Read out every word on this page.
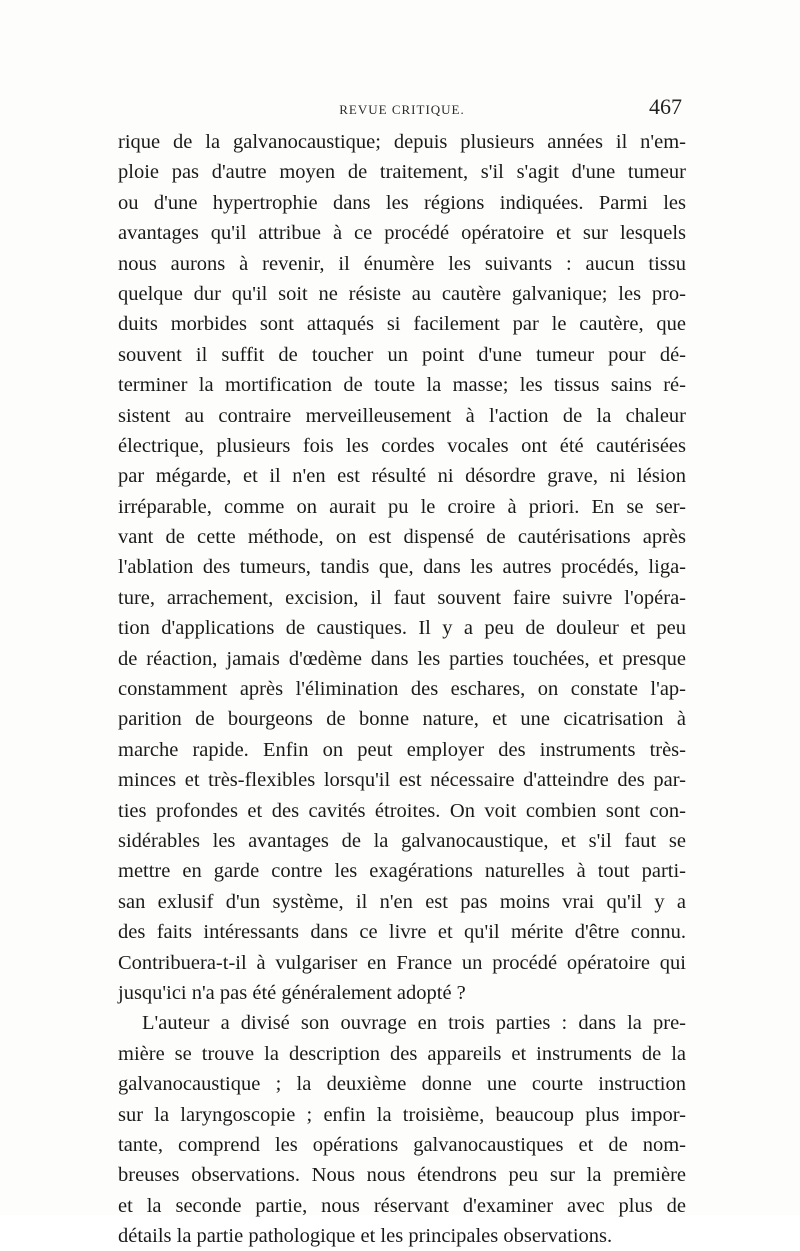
REVUE CRITIQUE.	467
rique de la galvanocaustique; depuis plusieurs années il n'em-
ploie pas d'autre moyen de traitement, s'il s'agit d'une tumeur
ou d'une hypertrophie dans les régions indiquées. Parmi les
avantages qu'il attribue à ce procédé opératoire et sur lesquels
nous aurons à revenir, il énumère les suivants : aucun tissu
quelque dur qu'il soit ne résiste au cautère galvanique; les pro-
duits morbides sont attaqués si facilement par le cautère, que
souvent il suffit de toucher un point d'une tumeur pour dé-
terminer la mortification de toute la masse; les tissus sains ré-
sistent au contraire merveilleusement à l'action de la chaleur
électrique, plusieurs fois les cordes vocales ont été cautérisées
par mégarde, et il n'en est résulté ni désordre grave, ni lésion
irréparable, comme on aurait pu le croire à priori. En se ser-
vant de cette méthode, on est dispensé de cautérisations après
l'ablation des tumeurs, tandis que, dans les autres procédés, liga-
ture, arrachement, excision, il faut souvent faire suivre l'opéra-
tion d'applications de caustiques. Il y a peu de douleur et peu
de réaction, jamais d'œdème dans les parties touchées, et presque
constamment après l'élimination des eschares, on constate l'ap-
parition de bourgeons de bonne nature, et une cicatrisation à
marche rapide. Enfin on peut employer des instruments très-
minces et très-flexibles lorsqu'il est nécessaire d'atteindre des par-
ties profondes et des cavités étroites. On voit combien sont con-
sidérables les avantages de la galvanocaustique, et s'il faut se
mettre en garde contre les exagérations naturelles à tout parti-
san exlusif d'un système, il n'en est pas moins vrai qu'il y a
des faits intéressants dans ce livre et qu'il mérite d'être connu.
Contribuera-t-il à vulgariser en France un procédé opératoire qui
jusqu'ici n'a pas été généralement adopté ?
L'auteur a divisé son ouvrage en trois parties : dans la pre-
mière se trouve la description des appareils et instruments de la
galvanocaustique ; la deuxième donne une courte instruction
sur la laryngoscopie ; enfin la troisième, beaucoup plus impor-
tante, comprend les opérations galvanocaustiques et de nom-
breuses observations. Nous nous étendrons peu sur la première
et la seconde partie, nous réservant d'examiner avec plus de
détails la partie pathologique et les principales observations.
